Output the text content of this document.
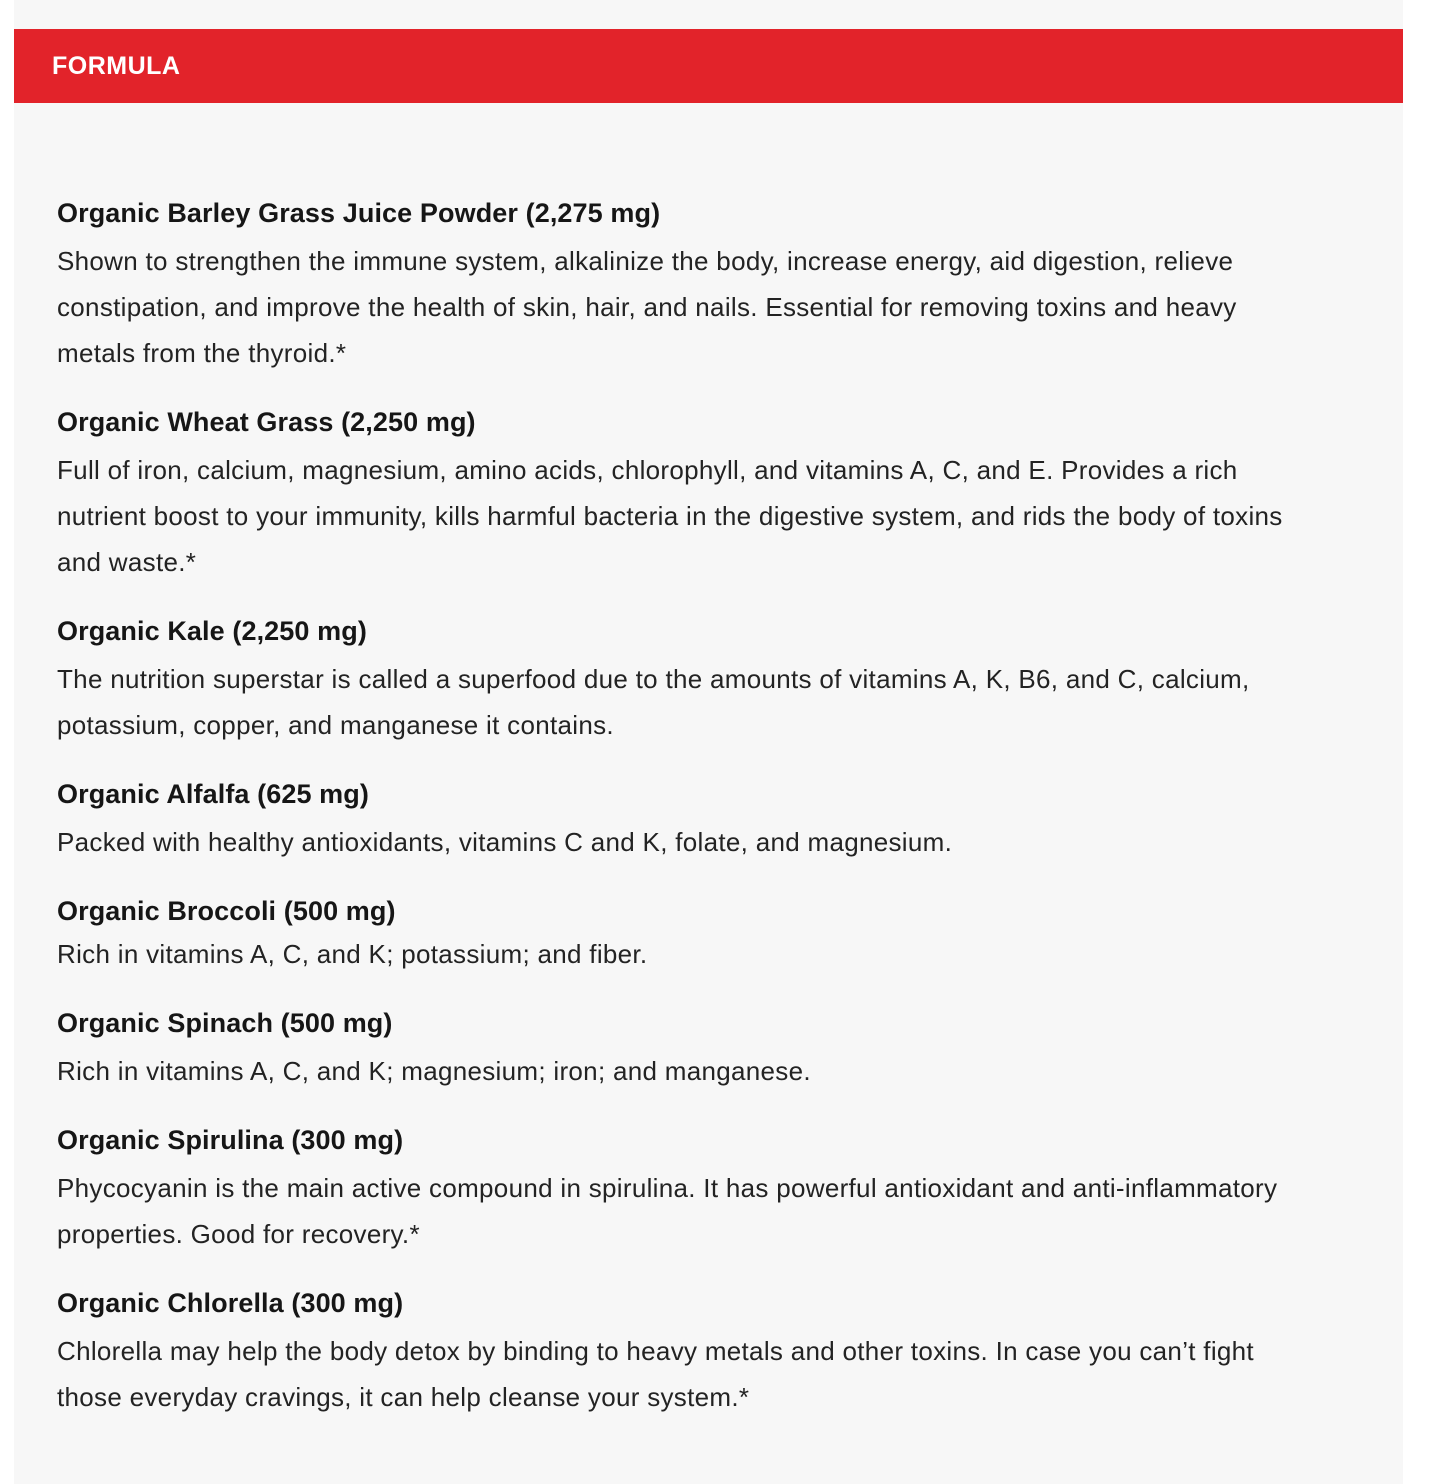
FORMULA
Organic Barley Grass Juice Powder (2,275 mg)
Shown to strengthen the immune system, alkalinize the body, increase energy, aid digestion, relieve constipation, and improve the health of skin, hair, and nails. Essential for removing toxins and heavy metals from the thyroid.*
Organic Wheat Grass (2,250 mg)
Full of iron, calcium, magnesium, amino acids, chlorophyll, and vitamins A, C, and E. Provides a rich nutrient boost to your immunity, kills harmful bacteria in the digestive system, and rids the body of toxins and waste.*
Organic Kale (2,250 mg)
The nutrition superstar is called a superfood due to the amounts of vitamins A, K, B6, and C, calcium, potassium, copper, and manganese it contains.
Organic Alfalfa (625 mg)
Packed with healthy antioxidants, vitamins C and K, folate, and magnesium.
Organic Broccoli (500 mg)
Rich in vitamins A, C, and K; potassium; and fiber.
Organic Spinach (500 mg)
Rich in vitamins A, C, and K; magnesium; iron; and manganese.
Organic Spirulina (300 mg)
Phycocyanin is the main active compound in spirulina. It has powerful antioxidant and anti-inflammatory properties. Good for recovery.*
Organic Chlorella (300 mg)
Chlorella may help the body detox by binding to heavy metals and other toxins. In case you can’t fight those everyday cravings, it can help cleanse your system.*
